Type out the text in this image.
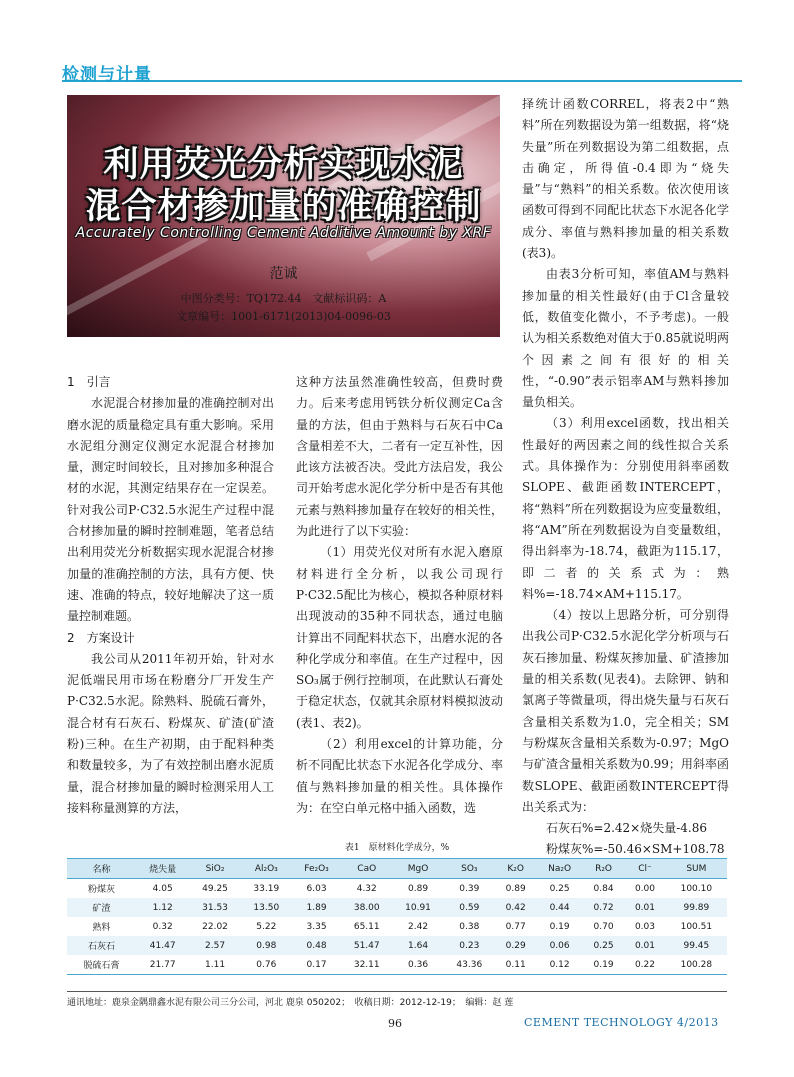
检测与计量
利用荧光分析实现水泥
混合材掺加量的准确控制
Accurately Controlling Cement Additive Amount by XRF
范诚
中图分类号：TQ172.44　文献标识码：A
文章编号：1001-6171(2013)04-0096-03

1　引言

水泥混合材掺加量的准确控制对出磨水泥的质量稳定具有重大影响。采用水泥组分测定仪测定水泥混合材掺加量，测定时间较长，且对掺加多种混合材的水泥，其测定结果存在一定误差。针对我公司P·C32.5水泥生产过程中混合材掺加量的瞬时控制难题，笔者总结出利用荧光分析数据实现水泥混合材掺加量的准确控制的方法，具有方便、快速、准确的特点，较好地解决了这一质量控制难题。

2　方案设计

我公司从2011年初开始，针对水泥低端民用市场在粉磨分厂开发生产P·C32.5水泥。除熟料、脱硫石膏外，混合材有石灰石、粉煤灰、矿渣(矿渣粉)三种。在生产初期，由于配料种类和数量较多，为了有效控制出磨水泥质量，混合材掺加量的瞬时检测采用人工接料称量测算的方法，

这种方法虽然准确性较高，但费时费力。后来考虑用钙铁分析仪测定Ca含量的方法，但由于熟料与石灰石中Ca含量相差不大，二者有一定互补性，因此该方法被否决。受此方法启发，我公司开始考虑水泥化学分析中是否有其他元素与熟料掺加量存在较好的相关性，为此进行了以下实验：

（1）用荧光仪对所有水泥入磨原材料进行全分析，以我公司现行P·C32.5配比为核心，模拟各种原材料出现波动的35种不同状态，通过电脑计算出不同配料状态下，出磨水泥的各种化学成分和率值。在生产过程中，因SO₃属于例行控制项，在此默认石膏处于稳定状态，仅就其余原材料模拟波动(表1、表2)。

（2）利用excel的计算功能，分析不同配比状态下水泥各化学成分、率值与熟料掺加量的相关性。具体操作为：在空白单元格中插入函数，选

择统计函数CORREL，将表2中“熟料”所在列数据设为第一组数据，将“烧失量”所在列数据设为第二组数据，点击确定，所得值-0.4即为“烧失量”与“熟料”的相关系数。依次使用该函数可得到不同配比状态下水泥各化学成分、率值与熟料掺加量的相关系数(表3)。

由表3分析可知，率值AM与熟料掺加量的相关性最好(由于Cl含量较低，数值变化微小，不予考虑)。一般认为相关系数绝对值大于0.85就说明两个因素之间有很好的相关性，“-0.90”表示铝率AM与熟料掺加量负相关。

（3）利用excel函数，找出相关性最好的两因素之间的线性拟合关系式。具体操作为：分别使用斜率函数SLOPE、截距函数INTERCEPT，将“熟料”所在列数据设为应变量数组，将“AM”所在列数据设为自变量数组，得出斜率为-18.74，截距为115.17，即二者的关系式为：熟料%=-18.74×AM+115.17。

（4）按以上思路分析，可分别得出我公司P·C32.5水泥化学分析项与石灰石掺加量、粉煤灰掺加量、矿渣掺加量的相关系数(见表4)。去除钾、钠和氯离子等微量项，得出烧失量与石灰石含量相关系数为1.0，完全相关；SM与粉煤灰含量相关系数为-0.97；MgO与矿渣含量相关系数为0.99；用斜率函数SLOPE、截距函数INTERCEPT得出关系式为：

石灰石%=2.42×烧失量-4.86

粉煤灰%=-50.46×SM+108.78

表1　原材料化学成分，%
名称	烧失量	SiO₂	Al₂O₃	Fe₂O₃	CaO	MgO	SO₃	K₂O	Na₂O	R₂O	Cl⁻	SUM
粉煤灰	4.05	49.25	33.19	6.03	4.32	0.89	0.39	0.89	0.25	0.84	0.00	100.10
矿渣	1.12	31.53	13.50	1.89	38.00	10.91	0.59	0.42	0.44	0.72	0.01	99.89
熟料	0.32	22.02	5.22	3.35	65.11	2.42	0.38	0.77	0.19	0.70	0.03	100.51
石灰石	41.47	2.57	0.98	0.48	51.47	1.64	0.23	0.29	0.06	0.25	0.01	99.45
脱硫石膏	21.77	1.11	0.76	0.17	32.11	0.36	43.36	0.11	0.12	0.19	0.22	100.28
通讯地址：鹿泉金隅鼎鑫水泥有限公司三分公司，河北 鹿泉 050202；　收稿日期：2012-12-19；　编辑：赵 莲
96	CEMENT TECHNOLOGY 4/2013
